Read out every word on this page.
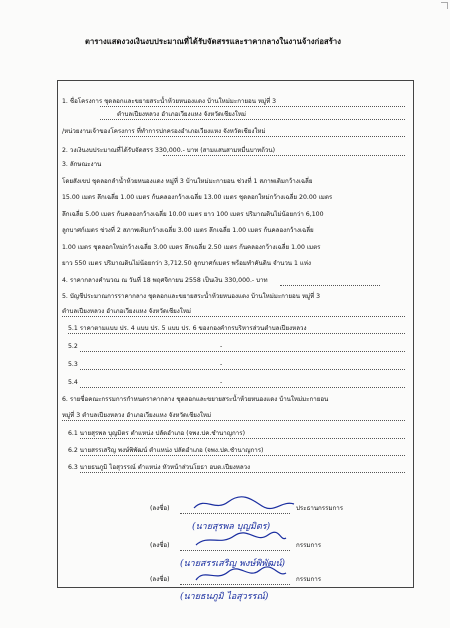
ตารางแสดงวงเงินงบประมาณที่ได้รับจัดสรรและราคากลางในงานจ้างก่อสร้าง
1. ชื่อโครงการ ชุดลอกและขยายสระน้ำห้วยหนองแดง บ้านใหม่มะกายอน หมู่ที่ 3
ตำบลเปียงหลวง อำเภอเวียงแหง จังหวัดเชียงใหม่
/หน่วยงานเจ้าของโครงการ ที่ทำการปกครองอำเภอเวียงแหง จังหวัดเชียงใหม่
2. วงเงินงบประมาณที่ได้รับจัดสรร 330,000.- บาท (สามแสนสามหมื่นบาทถ้วน)
3. ลักษณะงาน
โดยสังเขป ชุดลอกลำน้ำห้วยหนองแดง หมู่ที่ 3 บ้านใหม่มะกายอน ช่วงที่ 1 สภาพเดิมกว้างเฉลี่ย
15.00 เมตร ลึกเฉลี่ย 1.00 เมตร ก้นคลองกว้างเฉลี่ย 13.00 เมตร ชุดลอกใหม่กว้างเฉลี่ย 20.00 เมตร
ลึกเฉลี่ย 5.00 เมตร ก้นคลองกว้างเฉลี่ย 10.00 เมตร ยาว 100 เมตร ปริมาณดินไม่น้อยกว่า 6,100
ลูกบาศก์เมตร ช่วงที่ 2 สภาพเดิมกว้างเฉลี่ย 3.00 เมตร ลึกเฉลี่ย 1.00 เมตร ก้นคลองกว้างเฉลี่ย
1.00 เมตร ชุดลอกใหม่กว้างเฉลี่ย 3.00 เมตร ลึกเฉลี่ย 2.50 เมตร ก้นคลองกว้างเฉลี่ย 1.00 เมตร
ยาว 550 เมตร ปริมาณดินไม่น้อยกว่า 3,712.50 ลูกบาศก์เมตร พร้อมทำคันดิน จำนวน 1 แห่ง
4. ราคากลางคำนวณ ณ วันที่ 18 พฤศจิกายน 2558 เป็นเงิน 330,000.- บาท
5. บัญชีประมาณการราคากลาง ชุดลอกและขยายสระน้ำห้วยหนองแดง บ้านใหม่มะกายอน หมู่ที่ 3
ตำบลเปียงหลวง อำเภอเวียงแหง จังหวัดเชียงใหม่
5.1 ราคาตามแบบ ปร. 4 แบบ ปร. 5 แบบ ปร. 6 ของกองคำกรบริหารส่วนตำบลเปียงหลวง
5.2	-
5.3	-
5.4	-
6. รายชื่อคณะกรรมการกำหนดราคากลาง ชุดลอกและขยายสระน้ำห้วยหนองแดง บ้านใหม่มะกายอน
หมู่ที่ 3 ตำบลเปียงหลวง อำเภอเวียงแหง จังหวัดเชียงใหม่
6.1 นายสุรพล บุญมิตร ตำแหน่ง ปลัดอำเภอ (จพง.ปค.ชำนาญการ)
6.2 นายสรรเสริญ พงษ์พิพัฒน์ ตำแหน่ง ปลัดอำเภอ (จพง.ปค.ชำนาญการ)
6.3 นายธนภูมิ ไอสุวรรณ์ ตำแหน่ง หัวหน้าส่วนโยธา อบต.เปียงหลวง
(ลงชื่อ)	ประธานกรรมการ
(นายสุรพล บุญมิตร)
(ลงชื่อ)	กรรมการ
(นายสรรเสริญ พงษ์พิพัฒน์)
(ลงชื่อ)	กรรมการ
(นายธนภูมิ ไอสุวรรณ์)
